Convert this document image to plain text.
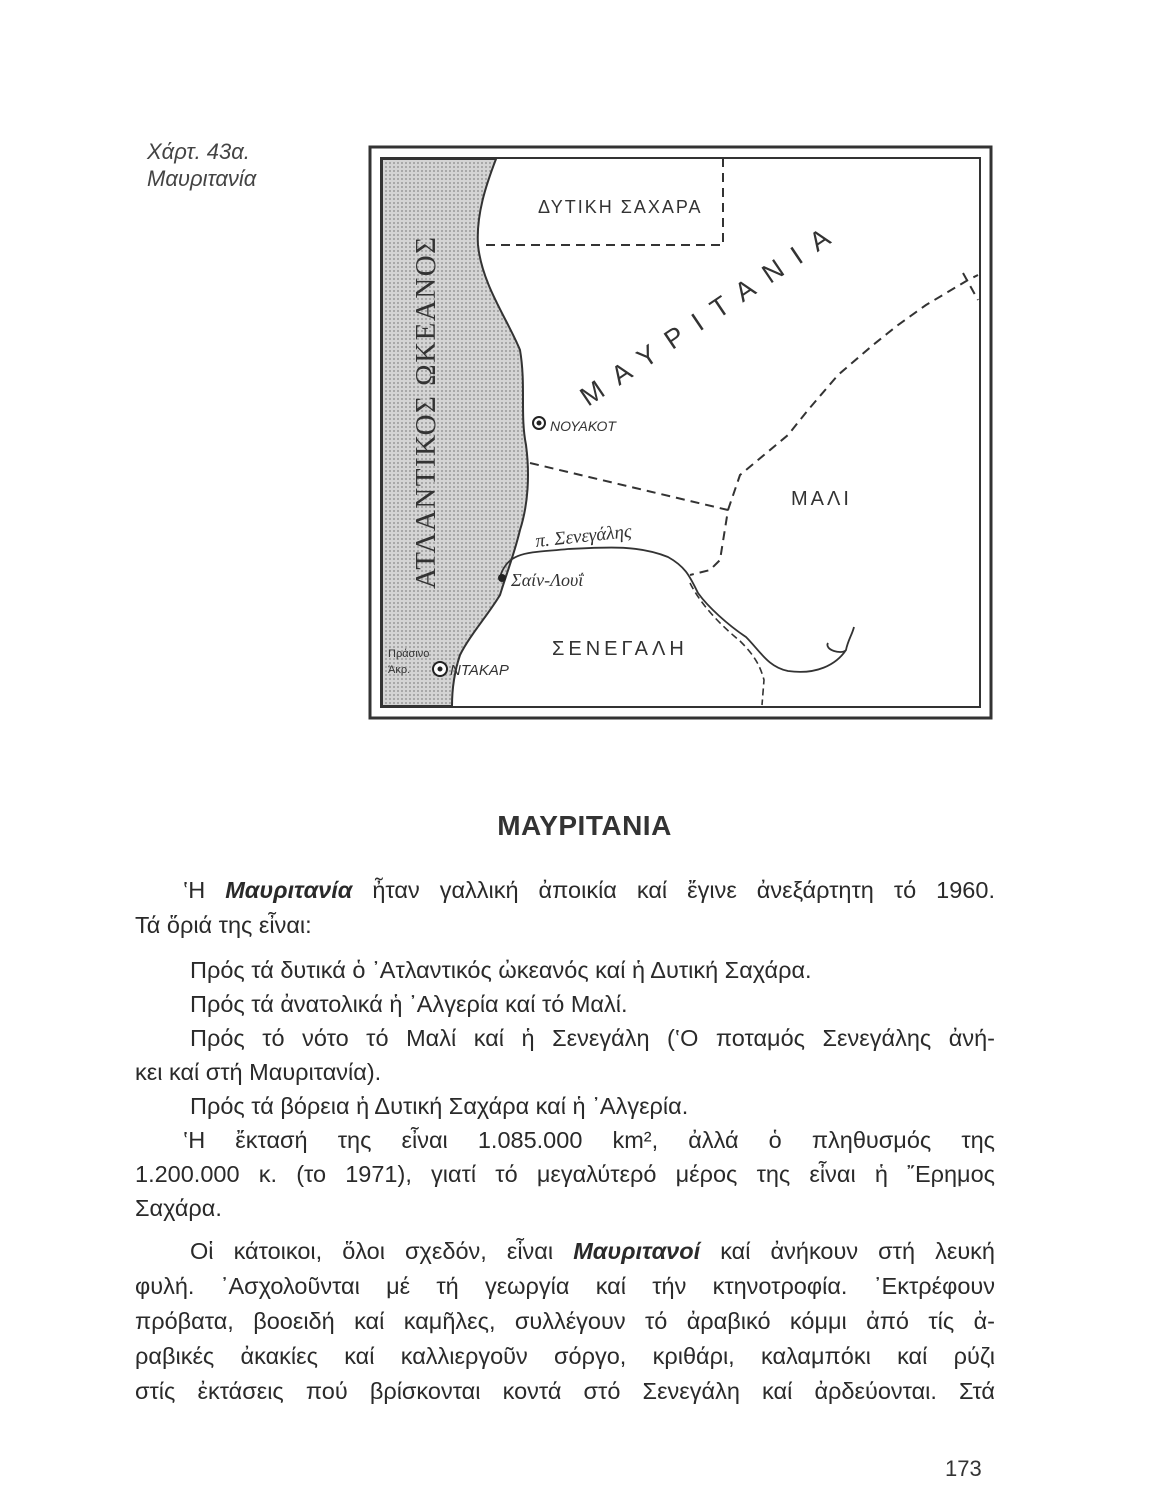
Χάρτ. 43α. Μαυριτανία
ΑΤΛΑΝΤΙΚΟΣ ΩΚΕΑΝΟΣ
ΔΥΤΙΚΗ ΣΑΧΑΡΑ
ΜΑΥΡΙΤΑΝΙΑ
ΝΟΥΑΚΟΤ
ΜΑΛΙ
π. Σενεγάλης
Σαίν-Λουΐ
ΣΕΝΕΓΑΛΗ
Πράσινο
Άκρ.	ΝΤΑΚΑΡ
ΜΑΥΡΙΤΑΝΙΑ
‛Η Μαυριτανία ἦταν γαλλική ἀποικία καί ἔγινε ἀνεξάρτητη τό 1960.
Τά ὅριά της εἶναι:
Πρός τά δυτικά ὁ ᾿Ατλαντικός ὠκεανός καί ἡ Δυτική Σαχάρα.
Πρός τά ἀνατολικά ἡ ᾿Αλγερία καί τό Μαλί.
Πρός τό νότο τό Μαλί καί ἡ Σενεγάλη (‛Ο ποταμός Σενεγάλης ἀνή-
κει καί στή Μαυριτανία).
Πρός τά βόρεια ἡ Δυτική Σαχάρα καί ἡ ᾿Αλγερία.
‛Η ἔκτασή της εἶναι 1.085.000 km², ἀλλά ὁ πληθυσμός της
1.200.000 κ. (το 1971), γιατί τό μεγαλύτερό μέρος της εἶναι ἡ ῎Ερημος
Σαχάρα.
Οἱ κάτοικοι, ὅλοι σχεδόν, εἶναι Μαυριτανοί καί ἀνήκουν στή λευκή
φυλή. ᾿Ασχολοῦνται μέ τή γεωργία καί τήν κτηνοτροφία. ᾿Εκτρέφουν
πρόβατα, βοοειδή καί καμῆλες, συλλέγουν τό ἀραβικό κόμμι ἀπό τίς ἀ-
ραβικές ἀκακίες καί καλλιεργοῦν σόργο, κριθάρι, καλαμπόκι καί ρύζι
στίς ἐκτάσεις πού βρίσκονται κοντά στό Σενεγάλη καί ἀρδεύονται. Στά
173
